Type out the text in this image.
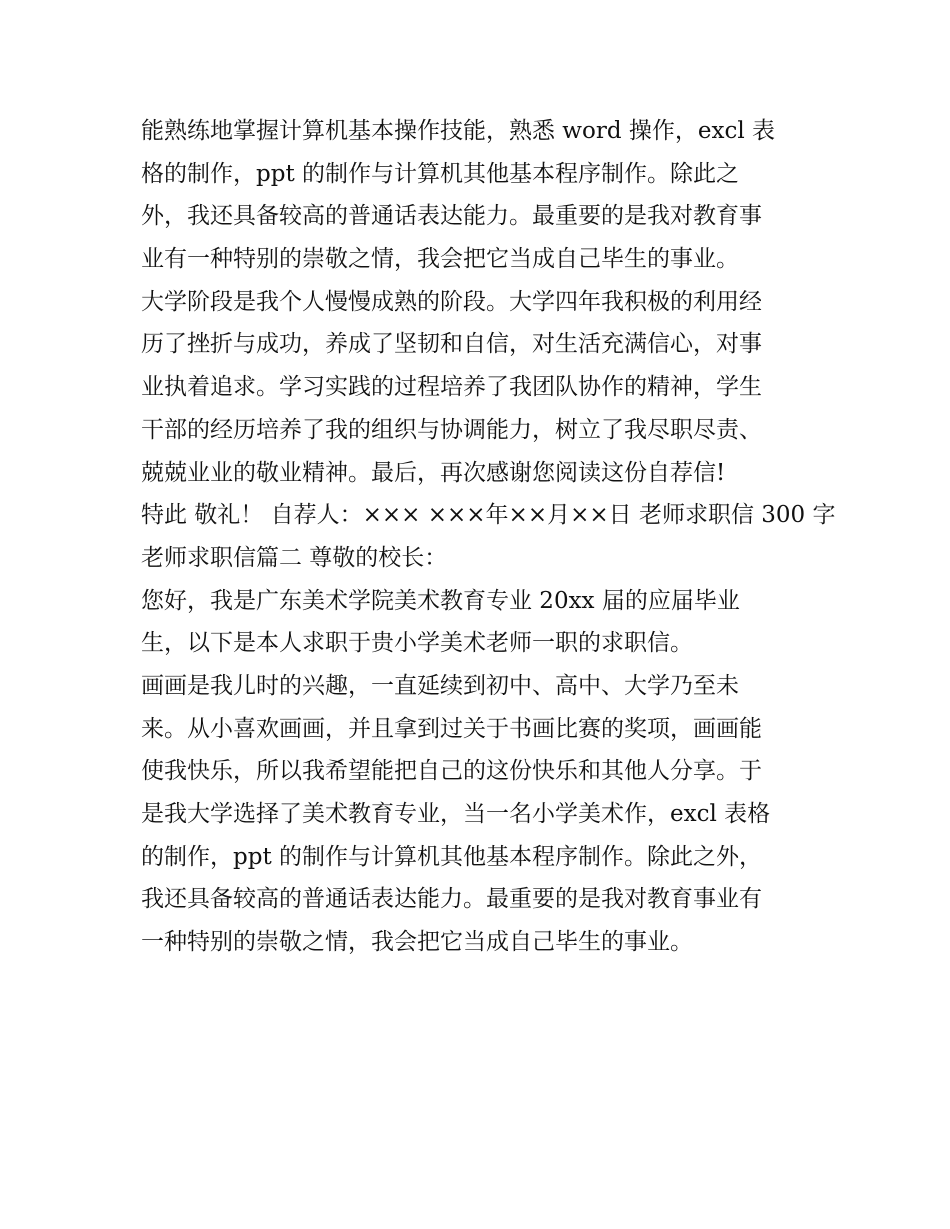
能熟练地掌握计算机基本操作技能，熟悉 word 操作，excl 表
格的制作，ppt 的制作与计算机其他基本程序制作。除此之
外，我还具备较高的普通话表达能力。最重要的是我对教育事
业有一种特别的崇敬之情，我会把它当成自己毕生的事业。
大学阶段是我个人慢慢成熟的阶段。大学四年我积极的利用经
历了挫折与成功，养成了坚韧和自信，对生活充满信心，对事
业执着追求。学习实践的过程培养了我团队协作的精神，学生
干部的经历培养了我的组织与协调能力，树立了我尽职尽责、
兢兢业业的敬业精神。最后，再次感谢您阅读这份自荐信!
特此 敬礼！ 自荐人：××× ×××年××月××日 老师求职信 300 字
老师求职信篇二 尊敬的校长：
您好，我是广东美术学院美术教育专业 20xx 届的应届毕业
生，以下是本人求职于贵小学美术老师一职的求职信。
画画是我儿时的兴趣，一直延续到初中、高中、大学乃至未
来。从小喜欢画画，并且拿到过关于书画比赛的奖项，画画能
使我快乐，所以我希望能把自己的这份快乐和其他人分享。于
是我大学选择了美术教育专业，当一名小学美术作，excl 表格
的制作，ppt 的制作与计算机其他基本程序制作。除此之外，
我还具备较高的普通话表达能力。最重要的是我对教育事业有
一种特别的崇敬之情，我会把它当成自己毕生的事业。
